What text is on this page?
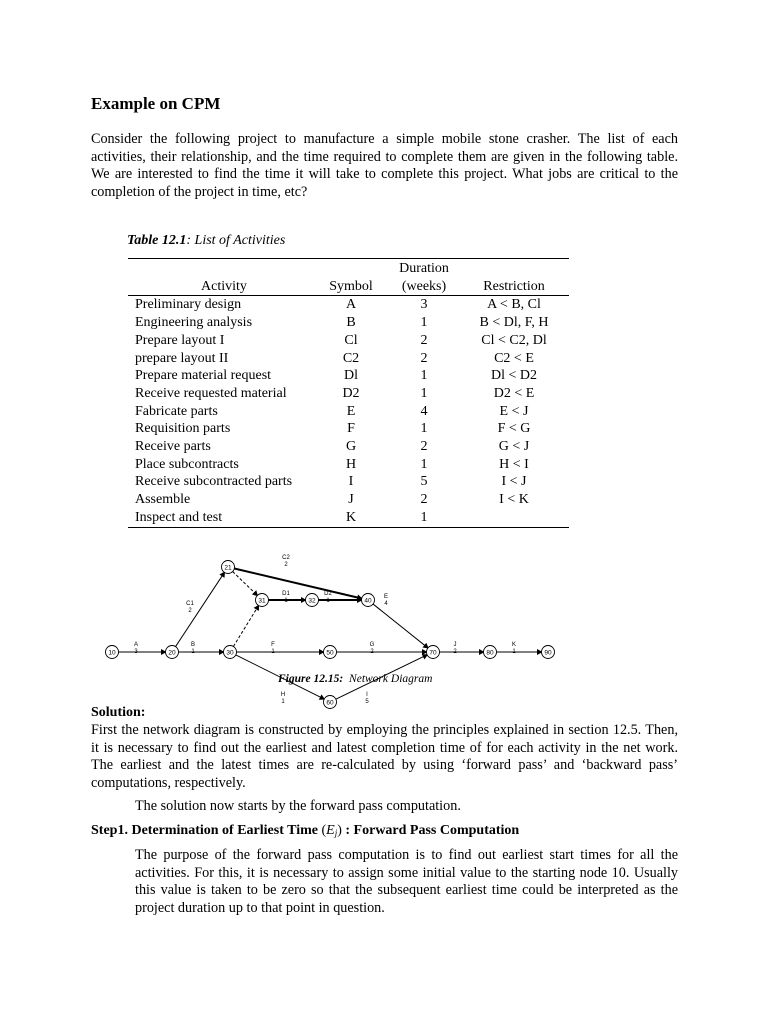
Example on CPM
Consider the following project to manufacture a simple mobile stone crasher. The list of each activities, their relationship, and the time required to complete them are given in the following table. We are interested to find the time it will take to complete this project. What jobs are critical to the completion of the project in time, etc?
Table 12.1: List of Activities
		Duration	
Activity	Symbol	(weeks)	Restriction
Preliminary design	A	3	A < B, Cl
Engineering analysis	B	1	B < Dl, F, H
Prepare layout I	Cl	2	Cl < C2, Dl
prepare layout II	C2	2	C2 < E
Prepare material request	Dl	1	Dl < D2
Receive requested material	D2	1	D2 < E
Fabricate parts	E	4	E < J
Requisition parts	F	1	F < G
Receive parts	G	2	G < J
Place subcontracts	H	1	H < I
Receive subcontracted parts	I	5	I < J
Assemble	J	2	I < K
Inspect and test	K	1	
10	20
21
30
31	32	40
50
60
70	80	90
A
3
B
1
C1
2
C2
2
D1
1
D2
1
E
4
F
1
G
2
H
1
I
5
J
2
K
1
Figure 12.15: Network Diagram
Solution:
First the network diagram is constructed by employing the principles explained in section 12.5. Then, it is necessary to find out the earliest and latest completion time of for each activity in the net work. The earliest and the latest times are re-calculated by using ‘forward pass’ and ‘backward pass’ computations, respectively.
The solution now starts by the forward pass computation.
Step1. Determination of Earliest Time $(E_j)$ : Forward Pass Computation
The purpose of the forward pass computation is to find out earliest start times for all the activities. For this, it is necessary to assign some initial value to the starting node 10. Usually this value is taken to be zero so that the subsequent earliest time could be interpreted as the project duration up to that point in question.
